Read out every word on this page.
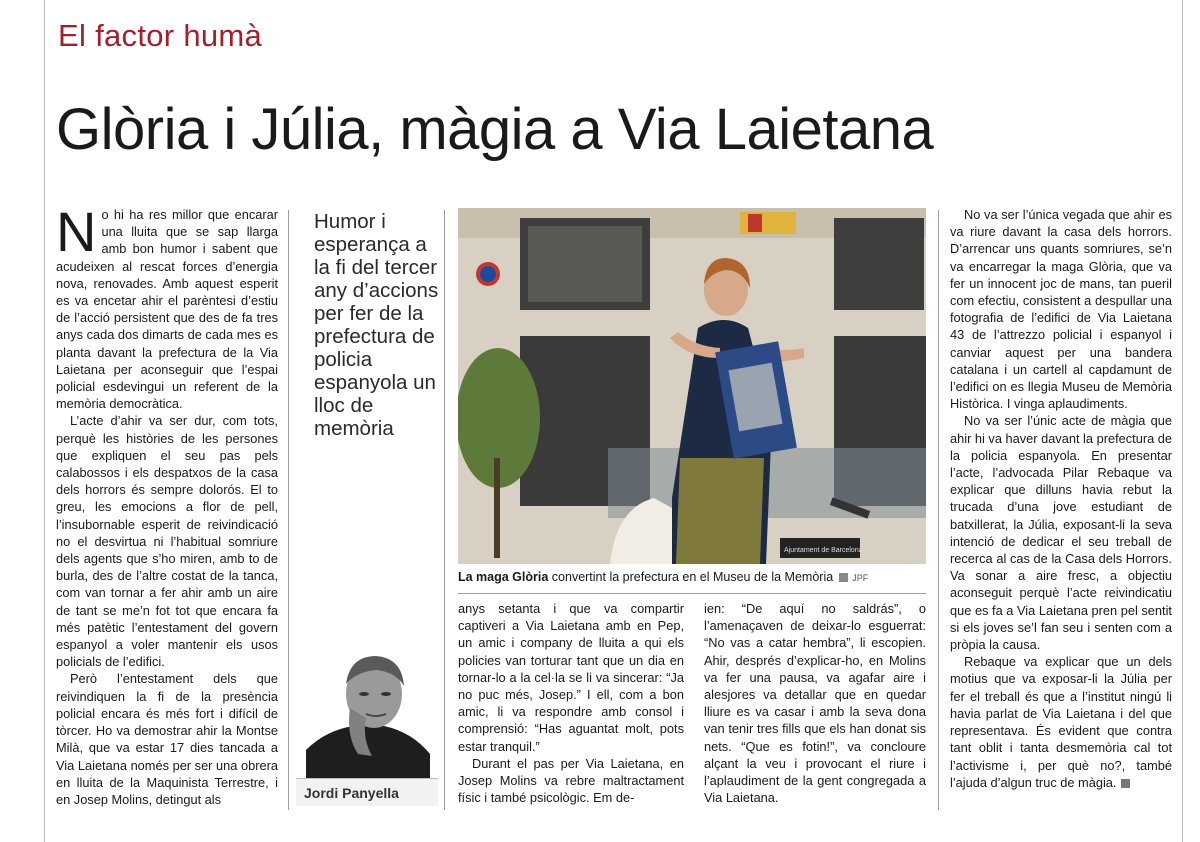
El factor humà
Glòria i Júlia, màgia a Via Laietana
N o hi ha res millor que encarar una lluita que se sap llarga amb bon humor i sabent que acudeixen al rescat forces d’energia nova, renovades. Amb aquest esperit es va encetar ahir el parèntesi d’estiu de l’acció persistent que des de fa tres anys cada dos dimarts de cada mes es planta davant la prefectura de la Via Laietana per aconseguir que l’espai policial esdevingui un referent de la memòria democràtica.

L’acte d’ahir va ser dur, com tots, perquè les històries de les persones que expliquen el seu pas pels calabossos i els despatxos de la casa dels horrors és sempre dolorós. El to greu, les emocions a flor de pell, l’insubornable esperit de reivindicació no el desvirtua ni l’habitual somriure dels agents que s’ho miren, amb to de burla, des de l’altre costat de la tanca, com van tornar a fer ahir amb un aire de tant se me’n fot tot que encara fa més patètic l’entestament del govern espanyol a voler mantenir els usos policials de l’edifici.

Però l’entestament dels que reivindiquen la fi de la presència policial encara és més fort i difícil de tòrcer. Ho va demostrar ahir la Montse Milà, que va estar 17 dies tancada a Via Laietana només per ser una obrera en lluita de la Maquinista Terrestre, i en Josep Molins, detingut als

Humor i esperança a la fi del tercer any d’accions per fer de la prefectura de policia espanyola un lloc de memòria
Jordi Panyella
Ajuntament de Barcelona
La maga Glòria convertint la prefectura en el Museu de la Memòria JPF

anys setanta i que va compartir captiveri a Via Laietana amb en Pep, un amic i company de lluita a qui els policies van torturar tant que un dia en tornar-lo a la cel·la se li va sincerar: “Ja no puc més, Josep.” I ell, com a bon amic, li va respondre amb consol i comprensió: “Has aguantat molt, pots estar tranquil.”

Durant el pas per Via Laietana, en Josep Molins va rebre maltractament físic i també psicològic. Em de-

ien: “De aquí no saldrás”, o l’amenaçaven de deixar-lo esguerrat: “No vas a catar hembra”, li escopien. Ahir, després d’explicar-ho, en Molins va fer una pausa, va agafar aire i alesjores va detallar que en quedar lliure es va casar i amb la seva dona van tenir tres fills que els han donat sis nets. “Que es fotin!”, va concloure alçant la veu i provocant el riure i l’aplaudiment de la gent congregada a Via Laietana.

No va ser l’única vegada que ahir es va riure davant la casa dels horrors. D’arrencar uns quants somriures, se’n va encarregar la maga Glòria, que va fer un innocent joc de mans, tan pueril com efectiu, consistent a despullar una fotografia de l’edifici de Via Laietana 43 de l’attrezzo policial i espanyol i canviar aquest per una bandera catalana i un cartell al capdamunt de l’edifici on es llegia Museu de Memòria Històrica. I vinga aplaudiments.

No va ser l’únic acte de màgia que ahir hi va haver davant la prefectura de la policia espanyola. En presentar l’acte, l’advocada Pilar Rebaque va explicar que dilluns havia rebut la trucada d’una jove estudiant de batxillerat, la Júlia, exposant-li la seva intenció de dedicar el seu treball de recerca al cas de la Casa dels Horrors. Va sonar a aire fresc, a objectiu aconseguit perquè l’acte reivindicatiu que es fa a Via Laietana pren pel sentit si els joves se’l fan seu i senten com a pròpia la causa.

Rebaque va explicar que un dels motius que va exposar-li la Júlia per fer el treball és que a l’institut ningú li havia parlat de Via Laietana i del que representava. És evident que contra tant oblit i tanta desmemòria cal tot l’activisme i, per què no?, també l’ajuda d’algun truc de màgia.
